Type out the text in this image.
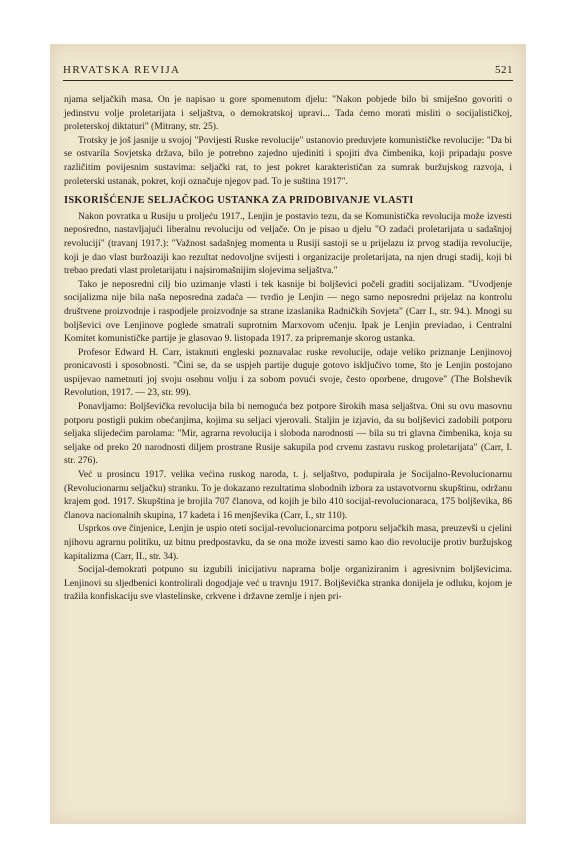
HRVATSKA REVIJA	521

njama seljačkih masa. On je napisao u gore spomenutom djelu: "Nakon pobjede bilo bi smiješno govoriti o jedinstvu volje proletarijata i seljaštva, o demokratskoj upravi... Tada ćemo morati misliti o socijalističkoj, proleterskoj diktaturi" (Mitrany, str. 25).

Trotsky je još jasnije u svojoj "Povijesti Ruske revolucije" ustanovio preduvjete komunističke revolucije: "Da bi se ostvarila Sovjetska država, bilo je potrebno zajedno ujediniti i spojiti dva čimbenika, koji pripadaju posve različitim povijesnim sustavima: seljački rat, to jest pokret karakterističan za sumrak buržujskog razvoja, i proleterski ustanak, pokret, koji označuje njegov pad. To je suština 1917".

ISKORIŠĆENJE SELJAČKOG USTANKA ZA PRIDOBIVANJE VLASTI

Nakon povratka u Rusiju u proljeću 1917., Lenjin je postavio tezu, da se Komunistička revolucija može izvesti neposredno, nastavljajući liberalnu revoluciju od veljače. On je pisao u djelu "O zadaći proletarijata u sadašnjoj revoluciji" (travanj 1917.): "Važnost sadašnjeg momenta u Rusiji sastoji se u prijelazu iz prvog stadija revolucije, koji je dao vlast buržoaziji kao rezultat nedovoljne svijesti i organizacije proletarijata, na njen drugi stadij, koji bi trebao predati vlast proletarijatu i najsiromašnijim slojevima seljaštva."

Tako je neposredni cilj bio uzimanje vlasti i tek kasnije bi boljševici počeli graditi socijalizam. "Uvodjenje socijalizma nije bila naša neposredna zadaća — tvrdio je Lenjin — nego samo neposredni prijelaz na kontrolu društvene proizvodnje i raspodjele proizvodnje sa strane izaslanika Radničkih Sovjeta" (Carr I., str. 94.). Mnogi su boljševici ove Lenjinove poglede smatrali suprotnim Marxovom učenju. Ipak je Lenjin previadao, i Centralni Komitet komunističke partije je glasovao 9. listopada 1917. za pripremanje skorog ustanka.

Profesor Edward H. Carr, istaknuti engleski poznavalac ruske revolucije, odaje veliko priznanje Lenjinovoj pronicavosti i sposobnosti. "Čini se, da se uspjeh partije duguje gotovo isključivo tome, što je Lenjin postojano uspijevao nametnuti joj svoju osobnu volju i za sobom povući svoje, često oporbene, drugove" (The Bolshevik Revolution, 1917. — 23, str. 99).

Ponavljamo: Boljševička revolucija bila bi nemoguća bez potpore širokih masa seljaštva. Oni su ovu masovnu potporu postigli pukim obećanjima, kojima su seljaci vjerovali. Staljin je izjavio, da su boljševici zadobili potporu seljaka slijedećim parolama: "Mir, agrarna revolucija i sloboda narodnosti — bila su tri glavna čimbenika, koja su seljake od preko 20 narodnosti diljem prostrane Rusije sakupila pod crvenu zastavu ruskog proletarijata" (Carr, I. str. 276).

Već u prosincu 1917. velika većina ruskog naroda, t. j. seljaštvo, podupirala je Socijalno-Revolucionarnu (Revolucionarnu seljačku) stranku. To je dokazano rezultatima slobodnih izbora za ustavotvornu skupštinu, održanu krajem god. 1917. Skupština je brojila 707 članova, od kojih je bilo 410 socijal-revolucionaraca, 175 boljševika, 86 članova nacionalnih skupina, 17 kadeta i 16 menjševika (Carr, I., str 110).

Usprkos ove činjenice, Lenjin je uspio oteti socijal-revolucionarcima potporu seljačkih masa, preuzevši u cjelini njihovu agrarnu politiku, uz bitnu predpostavku, da se ona može izvesti samo kao dio revolucije protiv buržujskog kapitalizma (Carr, II., str. 34).

Socijal-demokrati potpuno su izgubili inicijativu naprama bolje organiziranim i agresivnim boljševicima. Lenjinovi su sljedbenici kontrolirali dogodjaje već u travnju 1917. Boljševička stranka donijela je odluku, kojom je tražila konfiskaciju sve vlastelinske, crkvene i državne zemlje i njen pri-
